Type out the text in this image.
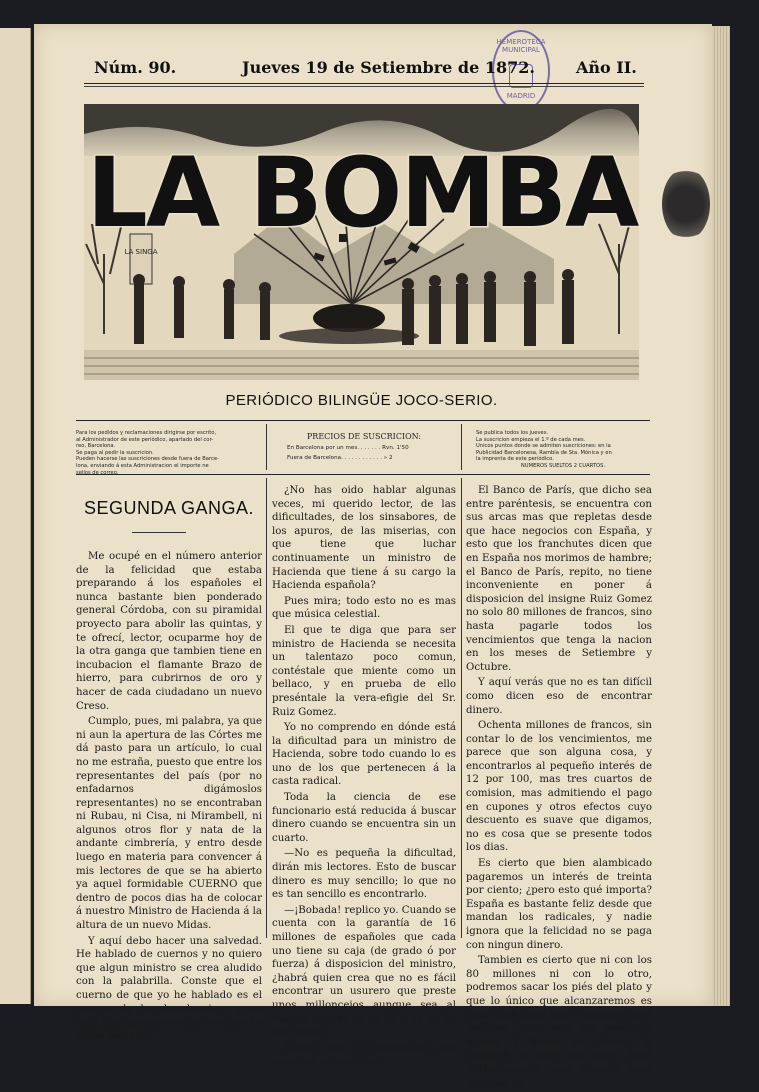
HEMEROTECA MUNICIPAL
MADRID
Núm. 90.	Jueves 19 de Setiembre de 1872.	Año II.
LA SINGA
LA BOMBA
PERIÓDICO BILINGÜE JOCO-SERIO.
Para los pedidos y reclamaciones dirigirse por escrito,
al Administrador de este periódico, apartado del cor-
reo, Barcelona.
Se paga al pedir la suscricion.
Pueden hacerse las suscriciones desde fuera de Barce-
lona, enviando á esta Administracion el importe ne
sellos de correo.
PRECIOS DE SUSCRICION:
En Barcelona por un mes. . . . . . . Rvn. 1'50
Fuera de Barcelona. . . . . . . . . . . . » 2
Se publica todos los jueves.
La suscricion empieza el 1.º de cada mes.
Unicos puntos donde se admiten suscriciones: en la
Publicidad Barcelonesa, Rambla de Sta. Mónica y en
la imprenta de este periódico.
NUMEROS SUELTOS 2 CUARTOS.
SEGUNDA GANGA.

Me ocupé en el número anterior de la felicidad que estaba preparando á los españoles el nunca bastante bien ponderado general Córdoba, con su piramidal proyecto para abolir las quintas, y te ofrecí, lector, ocuparme hoy de la otra ganga que tambien tiene en incubacion el flamante Brazo de hierro, para cubrirnos de oro y hacer de cada ciudadano un nuevo Creso.

Cumplo, pues, mi palabra, ya que ni aun la apertura de las Córtes me dá pasto para un artículo, lo cual no me estraña, puesto que entre los representantes del país (por no enfadarnos digámoslos representantes) no se encontraban ni Rubau, ni Cisa, ni Mirambell, ni algunos otros flor y nata de la andante cimbrería, y entro desde luego en materia para convencer á mis lectores de que se ha abierto ya aquel formidable CUERNO que dentro de pocos dias ha de colocar á nuestro Ministro de Hacienda á la altura de un nuevo Midas.

Y aquí debo hacer una salvedad. He hablado de cuernos y no quiero que algun ministro se crea aludido con la palabrilla. Conste que el cuerno de que yo he hablado es el cuerno de la abundancia... y no digo mas, porque me parece que he dicho bastante.

¿No has oido hablar algunas veces, mi querido lector, de las dificultades, de los sinsabores, de los apuros, de las miserias, con que tiene que luchar continuamente un ministro de Hacienda que tiene á su cargo la Hacienda española?

Pues mira; todo esto no es mas que música celestial.

El que te diga que para ser ministro de Hacienda se necesita un talentazo poco comun, contéstale que miente como un bellaco, y en prueba de ello preséntale la vera-efigie del Sr. Ruiz Gomez.

Yo no comprendo en dónde está la dificultad para un ministro de Hacienda, sobre todo cuando lo es uno de los que pertenecen á la casta radical.

Toda la ciencia de ese funcionario está reducida á buscar dinero cuando se encuentra sin un cuarto.

—No es pequeña la dificultad, dirán mis lectores. Esto de buscar dinero es muy sencillo; lo que no es tan sencillo es encontrarlo.

—¡Bobada! replico yo. Cuando se cuenta con la garantía de 16 millones de españoles que cada uno tiene su caja (de grado ó por fuerza) á disposicion del ministro, ¿habrá quien crea que no es fácil encontrar un usurero que preste unos milloncejos aunque sea al módico interés de un 25 ó de un 30 por ciento?

Dígalo sino el empréstito que tenemos en embrion.

El Banco de París, que dicho sea entre paréntesis, se encuentra con sus arcas mas que repletas desde que hace negocios con España, y esto que los franchutes dicen que en España nos morimos de hambre; el Banco de París, repito, no tiene inconveniente en poner á disposicion del insigne Ruiz Gomez no solo 80 millones de francos, sino hasta pagarle todos los vencimientos que tenga la nacion en los meses de Setiembre y Octubre.

Y aquí verás que no es tan difícil como dicen eso de encontrar dinero.

Ochenta millones de francos, sin contar lo de los vencimientos, me parece que son alguna cosa, y encontrarlos al pequeño interés de 12 por 100, mas tres cuartos de comision, mas admitiendo el pago en cupones y otros efectos cuyo descuento es suave que digamos, no es cosa que se presente todos los dias.

Es cierto que bien alambicado pagaremos un interés de treinta por ciento; ¿pero esto qué importa? España es bastante feliz desde que mandan los radicales, y nadie ignora que la felicidad no se paga con ningun dinero.

Tambien es cierto que ni con los 80 millones ni con lo otro, podremos sacar los piés del plato y que lo único que alcanzaremos es tener pan para hoy y hambre para mañana, pero esto no preocupa mucho á Brazo de hierro: la cuestion es salir del paso. Sabe perfectamente que cuando esos millones se
